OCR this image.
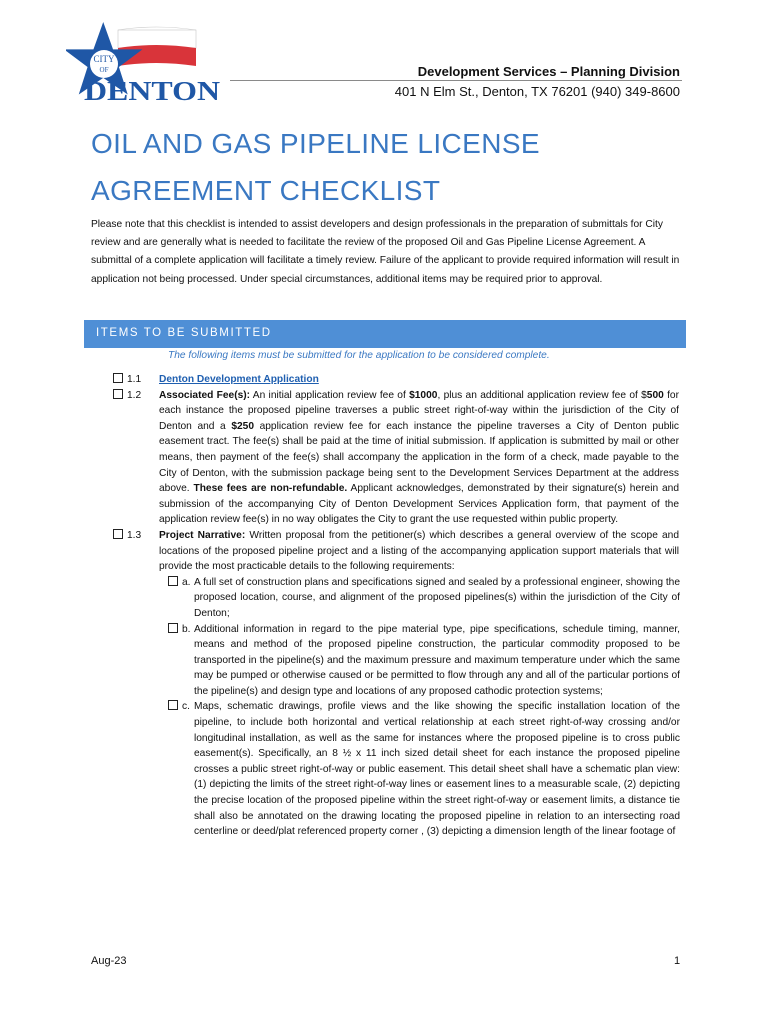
CITY
OF
DENTON
Development Services – Planning Division
401 N Elm St., Denton, TX 76201 (940) 349-8600
OIL AND GAS PIPELINE LICENSE
AGREEMENT CHECKLIST
Please note that this checklist is intended to assist developers and design professionals in the preparation of submittals for City review and are generally what is needed to facilitate the review of the proposed Oil and Gas Pipeline License Agreement. A submittal of a complete application will facilitate a timely review. Failure of the applicant to provide required information will result in application not being processed. Under special circumstances, additional items may be required prior to approval.
ITEMS TO BE SUBMITTED
The following items must be submitted for the application to be considered complete.
1.1 Denton Development Application
1.2 Associated Fee(s): An initial application review fee of $1000, plus an additional application review fee of $500 for each instance the proposed pipeline traverses a public street right-of-way within the jurisdiction of the City of Denton and a $250 application review fee for each instance the pipeline traverses a City of Denton public easement tract. The fee(s) shall be paid at the time of initial submission. If application is submitted by mail or other means, then payment of the fee(s) shall accompany the application in the form of a check, made payable to the City of Denton, with the submission package being sent to the Development Services Department at the address above. These fees are non-refundable. Applicant acknowledges, demonstrated by their signature(s) herein and submission of the accompanying City of Denton Development Services Application form, that payment of the application review fee(s) in no way obligates the City to grant the use requested within public property.
1.3 Project Narrative: Written proposal from the petitioner(s) which describes a general overview of the scope and locations of the proposed pipeline project and a listing of the accompanying application support materials that will provide the most practicable details to the following requirements:
a. A full set of construction plans and specifications signed and sealed by a professional engineer, showing the proposed location, course, and alignment of the proposed pipelines(s) within the jurisdiction of the City of Denton;
b. Additional information in regard to the pipe material type, pipe specifications, schedule timing, manner, means and method of the proposed pipeline construction, the particular commodity proposed to be transported in the pipeline(s) and the maximum pressure and maximum temperature under which the same may be pumped or otherwise caused or be permitted to flow through any and all of the particular portions of the pipeline(s) and design type and locations of any proposed cathodic protection systems;
c. Maps, schematic drawings, profile views and the like showing the specific installation location of the pipeline, to include both horizontal and vertical relationship at each street right-of-way crossing and/or longitudinal installation, as well as the same for instances where the proposed pipeline is to cross public easement(s). Specifically, an 8 ½ x 11 inch sized detail sheet for each instance the proposed pipeline crosses a public street right-of-way or public easement. This detail sheet shall have a schematic plan view: (1) depicting the limits of the street right-of-way lines or easement lines to a measurable scale, (2) depicting the precise location of the proposed pipeline within the street right-of-way or easement limits, a distance tie shall also be annotated on the drawing locating the proposed pipeline in relation to an intersecting road centerline or deed/plat referenced property corner , (3) depicting a dimension length of the linear footage of
Aug-23	1
